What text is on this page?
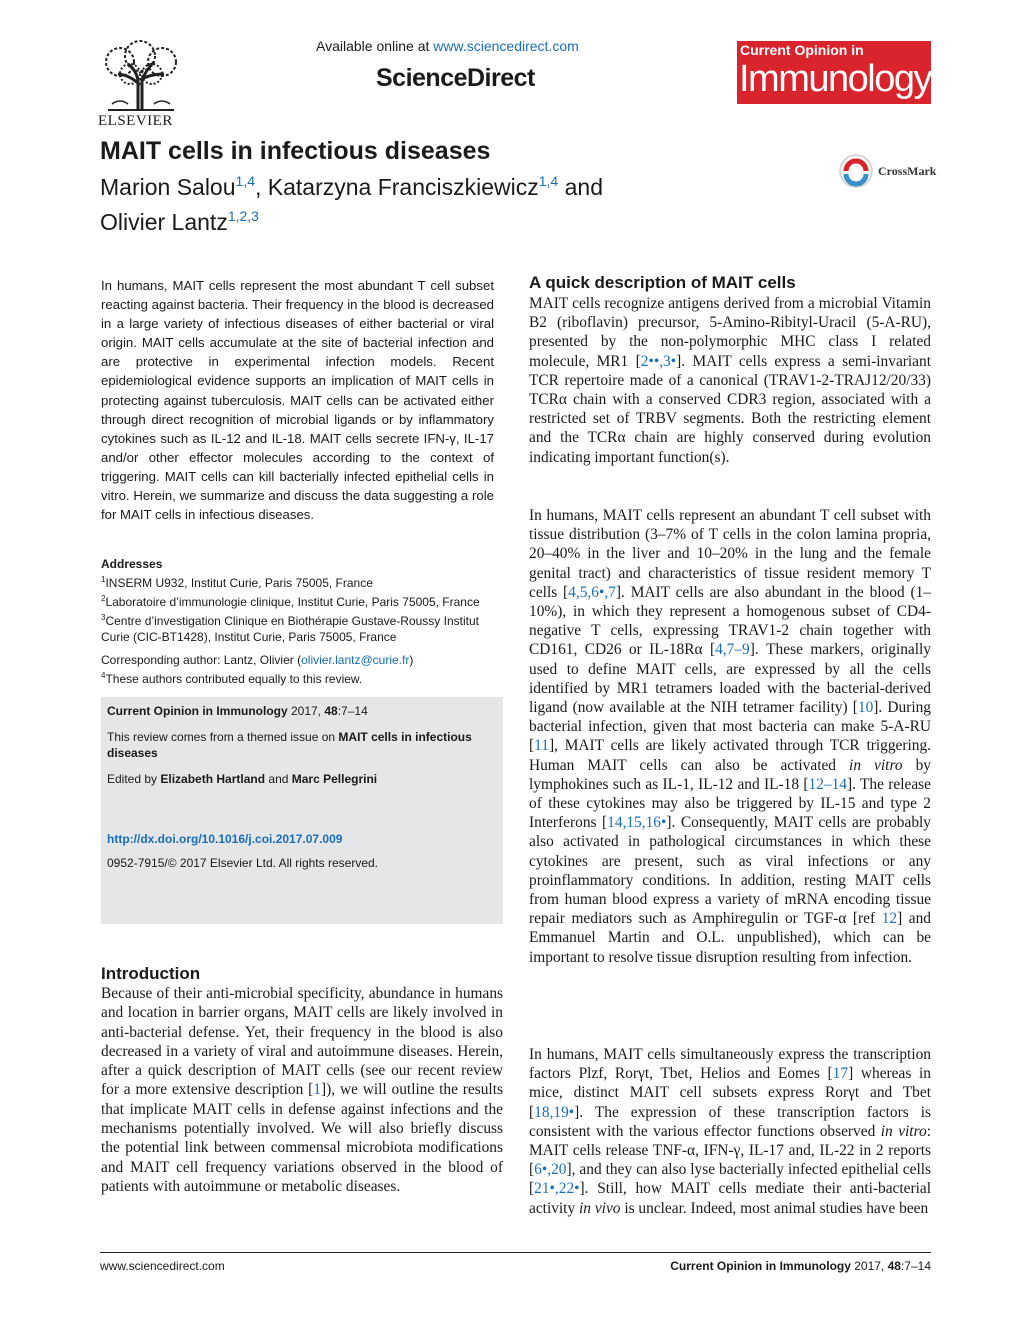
ELSEVIER
Available online at www.sciencedirect.com
ScienceDirect
Current Opinion in
Immunology
MAIT cells in infectious diseases

Marion Salou$^{1,4}$, Katarzyna Franciszkiewicz$^{1,4}$ and
Olivier Lantz$^{1,2,3}$

CrossMark

In humans, MAIT cells represent the most abundant T cell subset reacting against bacteria. Their frequency in the blood is decreased in a large variety of infectious diseases of either bacterial or viral origin. MAIT cells accumulate at the site of bacterial infection and are protective in experimental infection models. Recent epidemiological evidence supports an implication of MAIT cells in protecting against tuberculosis. MAIT cells can be activated either through direct recognition of microbial ligands or by inflammatory cytokines such as IL-12 and IL-18. MAIT cells secrete IFN-γ, IL-17 and/or other effector molecules according to the context of triggering. MAIT cells can kill bacterially infected epithelial cells in vitro. Herein, we summarize and discuss the data suggesting a role for MAIT cells in infectious diseases.

Addresses

$^1$INSERM U932, Institut Curie, Paris 75005, France

$^2$Laboratoire d’immunologie clinique, Institut Curie, Paris 75005, France

$^3$Centre d’investigation Clinique en Biothérapie Gustave-Roussy Institut Curie (CIC-BT1428), Institut Curie, Paris 75005, France

Corresponding author: Lantz, Olivier (olivier.lantz@curie.fr)

$^4$These authors contributed equally to this review.

Current Opinion in Immunology 2017, 48:7–14

This review comes from a themed issue on MAIT cells in infectious diseases

Edited by Elizabeth Hartland and Marc Pellegrini

http://dx.doi.org/10.1016/j.coi.2017.07.009
0952-7915/© 2017 Elsevier Ltd. All rights reserved.
Introduction

Because of their anti-microbial specificity, abundance in humans and location in barrier organs, MAIT cells are likely involved in anti-bacterial defense. Yet, their frequency in the blood is also decreased in a variety of viral and autoimmune diseases. Herein, after a quick description of MAIT cells (see our recent review for a more extensive description [1]), we will outline the results that implicate MAIT cells in defense against infections and the mechanisms potentially involved. We will also briefly discuss the potential link between commensal microbiota modifications and MAIT cell frequency variations observed in the blood of patients with autoimmune or metabolic diseases.

A quick description of MAIT cells

MAIT cells recognize antigens derived from a microbial Vitamin B2 (riboflavin) precursor, 5-Amino-Ribityl-Uracil (5-A-RU), presented by the non-polymorphic MHC class I related molecule, MR1 [2••,3•]. MAIT cells express a semi-invariant TCR repertoire made of a canonical (TRAV1-2-TRAJ12/20/33) TCRα chain with a conserved CDR3 region, associated with a restricted set of TRBV segments. Both the restricting element and the TCRα chain are highly conserved during evolution indicating important function(s).

In humans, MAIT cells represent an abundant T cell subset with tissue distribution (3–7% of T cells in the colon lamina propria, 20–40% in the liver and 10–20% in the lung and the female genital tract) and characteristics of tissue resident memory T cells [4,5,6•,7]. MAIT cells are also abundant in the blood (1–10%), in which they represent a homogenous subset of CD4-negative T cells, expressing TRAV1-2 chain together with CD161, CD26 or IL-18Rα [4,7–9]. These markers, originally used to define MAIT cells, are expressed by all the cells identified by MR1 tetramers loaded with the bacterial-derived ligand (now available at the NIH tetramer facility) [10]. During bacterial infection, given that most bacteria can make 5-A-RU [11], MAIT cells are likely activated through TCR triggering. Human MAIT cells can also be activated in vitro by lymphokines such as IL-1, IL-12 and IL-18 [12–14]. The release of these cytokines may also be triggered by IL-15 and type 2 Interferons [14,15,16•]. Consequently, MAIT cells are probably also activated in pathological circumstances in which these cytokines are present, such as viral infections or any proinflammatory conditions. In addition, resting MAIT cells from human blood express a variety of mRNA encoding tissue repair mediators such as Amphiregulin or TGF-α [ref 12] and Emmanuel Martin and O.L. unpublished), which can be important to resolve tissue disruption resulting from infection.

In humans, MAIT cells simultaneously express the transcription factors Plzf, Rorγt, Tbet, Helios and Eomes [17] whereas in mice, distinct MAIT cell subsets express Rorγt and Tbet [18,19•]. The expression of these transcription factors is consistent with the various effector functions observed in vitro: MAIT cells release TNF-α, IFN-γ, IL-17 and, IL-22 in 2 reports [6•,20], and they can also lyse bacterially infected epithelial cells [21•,22•]. Still, how MAIT cells mediate their anti-bacterial activity in vivo is unclear. Indeed, most animal studies have been

www.sciencedirect.com	Current Opinion in Immunology 2017, 48:7–14
